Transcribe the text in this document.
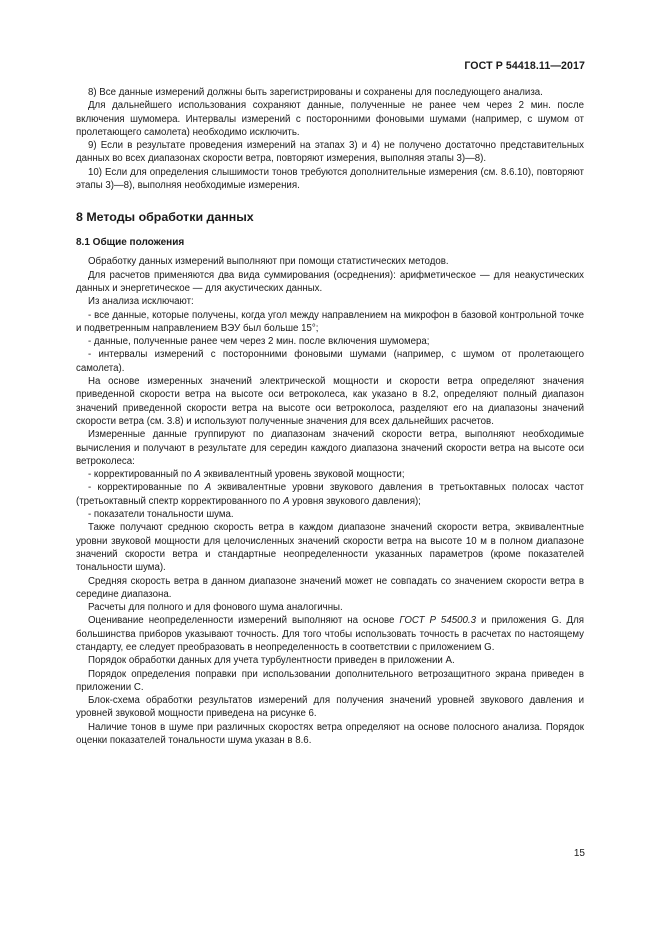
ГОСТ Р 54418.11—2017

8) Все данные измерений должны быть зарегистрированы и сохранены для последующего анализа.

Для дальнейшего использования сохраняют данные, полученные не ранее чем через 2 мин. после включения шумомера. Интервалы измерений с посторонними фоновыми шумами (например, с шумом от пролетающего самолета) необходимо исключить.

9) Если в результате проведения измерений на этапах 3) и 4) не получено достаточно представительных данных во всех диапазонах скорости ветра, повторяют измерения, выполняя этапы 3)—8).

10) Если для определения слышимости тонов требуются дополнительные измерения (см. 8.6.10), повторяют этапы 3)—8), выполняя необходимые измерения.

8 Методы обработки данных
8.1 Общие положения

Обработку данных измерений выполняют при помощи статистических методов.

Для расчетов применяются два вида суммирования (осреднения): арифметическое — для неакустических данных и энергетическое — для акустических данных.

Из анализа исключают:

- все данные, которые получены, когда угол между направлением на микрофон в базовой контрольной точке и подветренным направлением ВЭУ был больше 15°;

- данные, полученные ранее чем через 2 мин. после включения шумомера;

- интервалы измерений с посторонними фоновыми шумами (например, с шумом от пролетающего самолета).

На основе измеренных значений электрической мощности и скорости ветра определяют значения приведенной скорости ветра на высоте оси ветроколеса, как указано в 8.2, определяют полный диапазон значений приведенной скорости ветра на высоте оси ветроколоса, разделяют его на диапазоны значений скорости ветра (см. 3.8) и используют полученные значения для всех дальнейших расчетов.

Измеренные данные группируют по диапазонам значений скорости ветра, выполняют необходимые вычисления и получают в результате для середин каждого диапазона значений скорости ветра на высоте оси ветроколеса:

- корректированный по A эквивалентный уровень звуковой мощности;

- корректированные по A эквивалентные уровни звукового давления в третьоктавных полосах частот (третьоктавный спектр корректированного по A уровня звукового давления);

- показатели тональности шума.

Также получают среднюю скорость ветра в каждом диапазоне значений скорости ветра, эквивалентные уровни звуковой мощности для целочисленных значений скорости ветра на высоте 10 м в полном диапазоне значений скорости ветра и стандартные неопределенности указанных параметров (кроме показателей тональности шума).

Средняя скорость ветра в данном диапазоне значений может не совпадать со значением скорости ветра в середине диапазона.

Расчеты для полного и для фонового шума аналогичны.

Оценивание неопределенности измерений выполняют на основе ГОСТ Р 54500.3 и приложения G. Для большинства приборов указывают точность. Для того чтобы использовать точность в расчетах по настоящему стандарту, ее следует преобразовать в неопределенность в соответствии с приложением G.

Порядок обработки данных для учета турбулентности приведен в приложении А.

Порядок определения поправки при использовании дополнительного ветрозащитного экрана приведен в приложении С.

Блок-схема обработки результатов измерений для получения значений уровней звукового давления и уровней звуковой мощности приведена на рисунке 6.

Наличие тонов в шуме при различных скоростях ветра определяют на основе полосного анализа. Порядок оценки показателей тональности шума указан в 8.6.

15
